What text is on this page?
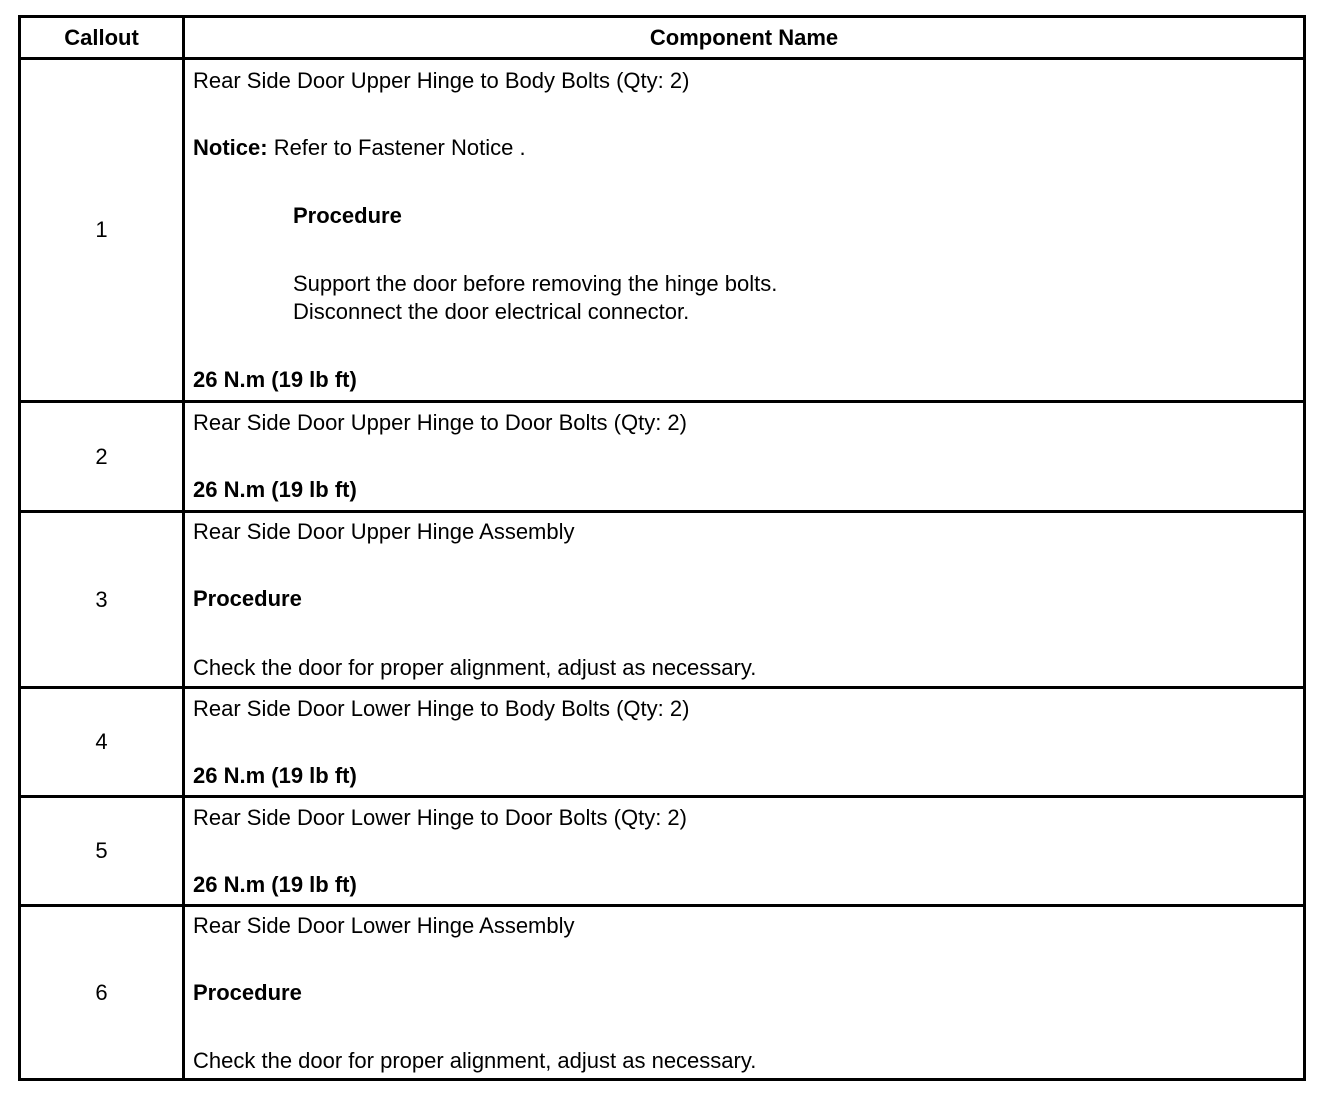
Callout	Component Name
1
Rear Side Door Upper Hinge to Body Bolts (Qty: 2)
Notice: Refer to Fastener Notice .
Procedure
Support the door before removing the hinge bolts.
Disconnect the door electrical connector.
26 N.m (19 lb ft)
2
Rear Side Door Upper Hinge to Door Bolts (Qty: 2)
26 N.m (19 lb ft)
3
Rear Side Door Upper Hinge Assembly
Procedure
Check the door for proper alignment, adjust as necessary.
4
Rear Side Door Lower Hinge to Body Bolts (Qty: 2)
26 N.m (19 lb ft)
5
Rear Side Door Lower Hinge to Door Bolts (Qty: 2)
26 N.m (19 lb ft)
6
Rear Side Door Lower Hinge Assembly
Procedure
Check the door for proper alignment, adjust as necessary.
